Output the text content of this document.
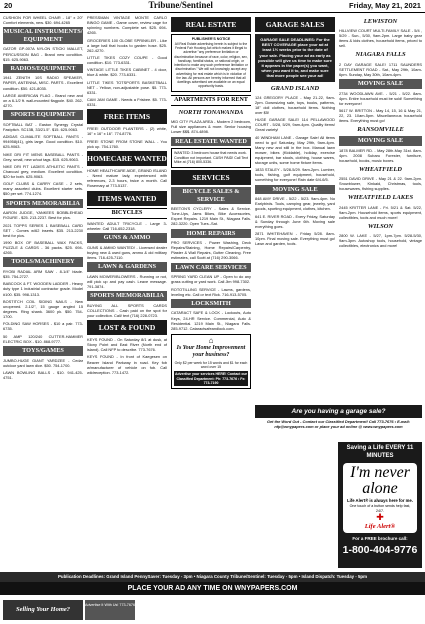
20	Tribune/Sentinel	Friday, May 21, 2021
CUSHION FOR WHEEL CHAIR - 18" x 20" Comfort elements, new. $30. 694-4265
MUSICAL INSTRUMENTS/ EQUIPMENT
GATOR GP-007A NYLON STICK/ MALLET, PERCUSSION BAG - Brand new condition. $15. 625-9063.
RADIOS/EQUIPMENT
1941 ZENITH 10S RADIO SPEAKER, PAPER, ANTENNA, MISC. PARTS - Excellent condition. $50. 421-8035.
LARGE AMERICAN FLAG - Brand new and on a 6-1/2 ft. wall-mounted flagpole. $40. 262-4270.
SPORTS EQUIPMENT
SOFTBALL BAT - Easton Synergy Crystal Fastpitch. SC13B, 33/21.5". $15. 625-9063.
ADIDAS CLIMALITE SOFTBALL PANTS - 994958(41), girls large. Good condition. $10. 625-9063.
NIKE DRI FIT MENS BASEBALL PANTS - Grey, small, new w/out tags. $15. 625-9063.
NIKE DRI FIT LADIES ATHLETIC PANTS - Charcoal grey, medium. Excellent condition. $20 for both. 625-9063.
GOLF CLUBS & CARRY CASE - 2 sets, many assorted clubs. Excellent starter sets. $50 per set. 774-1274.
SPORTS MEMORABILIA
AARON JUDGE, YANKEES BOBBLEHEAD FIGURE - $25. 213-2237. Best for pics.
2021 TOPPS SERIES 1 BASEBALL CARD SET - Comes w/62 inserts. $35. 213-2230 best for pics.
1990 BOX OF BASEBALL WAX PACKS, PUZZLE & CARDS - 36 packs. $25. 694-4265.
TOOLS/MACHINERY
RYOBI RADIAL ARM SAW - 8-1/4" blade. $35. 754-2727.
BABCOCK & FT. WOODEN LADDER - Heavy duty type 1 industrial contractor grade. Model #100. $35. 998-1313.
BOSTITCH COIL SIDING NAILS - New unopened. 2-1/2", 15 gauge angled 15 degrees. Ring shank. 3600 pk. $50. 754-1700.
FOLDING SAW HORSES - $10 a pair. 773-6735.
50 AMP 120/240 CUTTER-HAMMER ELECTRIC BOX - $10. 868-9777.
TOYS/GAMES
JUMBO-HUGE GIANT YARDZEE - Cedar outdoor yard lawn dice. $50. 754-1700.
LAWN BOWLING BALLS - $10. 941-425-4751.
PRESSMAN VINTAGE MONTE CARLO BINGO GAME - Game cover, review cage for spinning numbers. Complete set. $25. 694-4265.
GROCERIES 100 GLOBE SPRINKLER - Like a large ball that hooks to garden hose. $25. 262-4270.
LITTLE TIKES COZY COUPE - Good condition. $10. 773-6331.
VINTAGE LITTLE TIKES CABINET - 4 door, blue & white. $20. 773-6331.
LITTLE TIKES TOTSPORTS BASKETBALL NET - Yellow, non-adjustable pose. $5. 773-6331.
CAM JAM GAME - Needs a Frisbee. $5. 773-6331.
FREE ITEMS
FREE! OUTDOOR PLANTERS - (2) white, 16" x 16" x 16". 774-8776.
FREE! STONE FROM STONE WALL - You pick up. 754-1760.
HOMECARE WANTED
HOME HEALTHCARE AIDE, GRAND ISLAND - Need mature lady, experienced with references, 2-3 hours, twice a month. Call Rosemary at 773-5137.
ITEMS WANTED
BICYCLES
WANTED ADULT TRICYCLE - Large 3-wheeler. Call 716-652-2318.
GUNS & AMMO
GUNS & AMMO WANTED! - Licensed dealer buying new & used guns, ammo & old military items. 716-425-7110.
LAWN & GARDENS
LAWN MOWER/BLOWERS - Running or not, will pick up and pay cash. Leave message. 791-3874.
SPORTS MEMORABILIA
BUYING ALL SPORTS CARDS COLLECTIONS - Cash paid on the spot for your collection. Call/ text (716) 228-0723.
LOST & FOUND
KEYS FOUND - On Saturday 8/1 at dusk, at Stony Point and East River (North end of island). Call NFP to describe. 773-7676.
KEYS FOUND - In front of Kaegesen on Beaver Island Parkway in road. Key fob w/manufacturer of vehicle on fob. Call wildreception. 773-1472.
REAL ESTATE
PUBLISHER'S NOTICE
All Real Estate advertising herein is subject to the Federal Fair Housing Act which makes it illegal to advertise "any preference limitation or discrimination because of race, color, religion, sex, handicap, familial status, or national origin, or intention to make any such preference limitation or discrimination." We will not knowingly accept any advertising for real estate which is in violation of the law. All persons are hereby informed that all dwellings advertised are available on an equal opportunity basis.
APARTMENTS FOR RENT
NORTH TONAWANDA
MID CITY PLAZA AREA - Modern 2 bedroom, Full size appliances & more. Senior housing Lower $$$. 874-4898.
REAL ESTATE WANTED
WANTED: 3 bedroom house that needs work. Condition not important. CASH PAID! Call Text Mike at (716) 800-5336.
SERVICES
BICYCLE SALES & SERVICE
BEETON'S CYCLERY - Sales & Service. Tune-Ups, Jams Bikes, Bike Accessories, Expert Repairs. 1219 Main St., Niagara Falls. 282-3220. Open Tues.-Sat.
HOME REPAIRS
PRO SERVICES - Power Washing, Deck Repairs/Staining, Home Repairs/Carpentry, Plaster & Wall Repairs, Gutter Cleaning. Free estimates, call Scott at (716) 290-3066.
LAWN CARE SERVICES
SPRING YARD CLEAN UP - Open to do any grass cutting or yard work. Call Jim 998-7302.
ROTOTILLING SERVICE - Lawns, gardens, leveling etc. Call or text Rick. 716-913-5705.
LOCKSMITH
CATARACT SAFE & LOCK - Lockouts, Auto Keys, 24-HR Service. Commercial, Auto & Residential. 1219 Main St., Niagara Falls. 285-9712. Cataractsafeandlock.com.
⌂
Is Your Home Improvement your business?
Only $2 per week for 15 words and $1 for each word over 15
Advertise your services HERE! Contact our Classified Department: Ph: 773-7676 • Fx: 773-7190
GARAGE SALES
GARAGE SALE DEADLINES: For the BEST COVERAGE place your ad at least 1½ weeks prior to the date of your sale. Placing your ad as early as possible will give us time to make sure it appears in the paper(s) you want, when you want it to, and make sure that more people see your ad!
GRAND ISLAND
124 GREGORY PLACE - May 21-22, 9am-2pm. Downsizing sale, toys, books, patterns, 18" doll clothes, household items. Nothing over $5!
HUGE GARAGE SALE! 114 PELLAWOOD COURT - 5/28, 5/29, 9am-4pm. Quality items! Great variety!
40 WINDHAM LANE - Garage Sale! All items need to go! Saturday, May 29th, 9am-4pm. Many new and still in the box. Manual lawn mower, bikes (Kiddable), holiday, exercise equipment, bar stools, clothing, house wares, storage units, some home fixture items.
1833 STALEY - 5/28-5/29. 9am-2pm. Lumber, tools, fishing, golf equipment, household, something for everyone! Rain date 6/4-6/5.
MOVING SALE
848 AMY DRIVE - 5/22 - 5/23. 9am-4pm. No Earlybirds. Tools, camping gear, jewelry, yard goods, sporting equipment, clothes, kitchen.
641 E. RIVER ROAD - Every Friday, Saturday & Sunday through June 6th. Moving sale everything goes.
2871 WHITEHAVEN - Friday 5/28. 8am-10pm. Final moving sale. Everything must go! Lawn and garden, tools.
LEWISTON
HILLVIEW COURT MULTI-FAMILY SALE - 5/4 , 5/29 - Sun., 5/30, 9am-2pm. Large baby gear items & kids clothes, household items, priced to sell.
NIAGARA FALLS
2 DAY GARAGE SALE! 1711 SAUNDERS SETTLEMENT ROAD - Sat., May 29th, 10am-6pm. Sunday, May 30th, 10am-4pm.
MOVING SALE
2734 WOODLAWN AVE. - 5/21 - 5/22. 8am-4pm. Entire household must be sold! Something for everyone!
5617 W. BRITTON - May 14, 15, 16 & May 21, 22, 23. 10am-5pm. Miscellaneous household items. Everything must go!
RANSOMVILLE
MOVING SALE
1878 BALMER RD. - May 28th-May 31st. 8am-4pm. 2008 Subaru Forester, furniture, household, books, music boxes.
WHEATFIELD
2551 DAVID DRIVE - May 21 & 22. 9am-2pm. Snowblower, Kinkaid, Christmas, tools, housewares, fishing supplies.
WHEATFIELD LAKES
2445 KRITTER LANE - Fri. 5/21 & Sat. 5/22, 9am-2pm. Household items, sports equipment, collectibles, tools and much more!
WILSON
2800 W. LAKE - 5/27, 1pm-7pm. 5/28-5/30, 9am-3pm. Autoshop tools, household, vintage collectibles, electronics and more!
Are you having a garage sale?
Get the Word Out - Contact our Classified Department! Call 773-7676 • E-mail: nfp@wnypapers.com or place your ad online @ www.wnypapers.com
Saving a Life EVERY 11 MINUTES
I'm never alone
Life Alert® is always here for me.
One touch of a button sends help fast, 24/7.
✚
Life Alert®
For a FREE brochure call:
1-800-404-9776
Publication Deadlines: Grand Island PennySaver: Tuesday - 3pm • Niagara County Tribune/Sentinel: Tuesday - 5pm • Island Dispatch: Tuesday - 5pm
PLACE YOUR AD ANY TIME ON WNYPAPERS.COM
Selling Your Home?
Advertise It With Us! 773-7676
